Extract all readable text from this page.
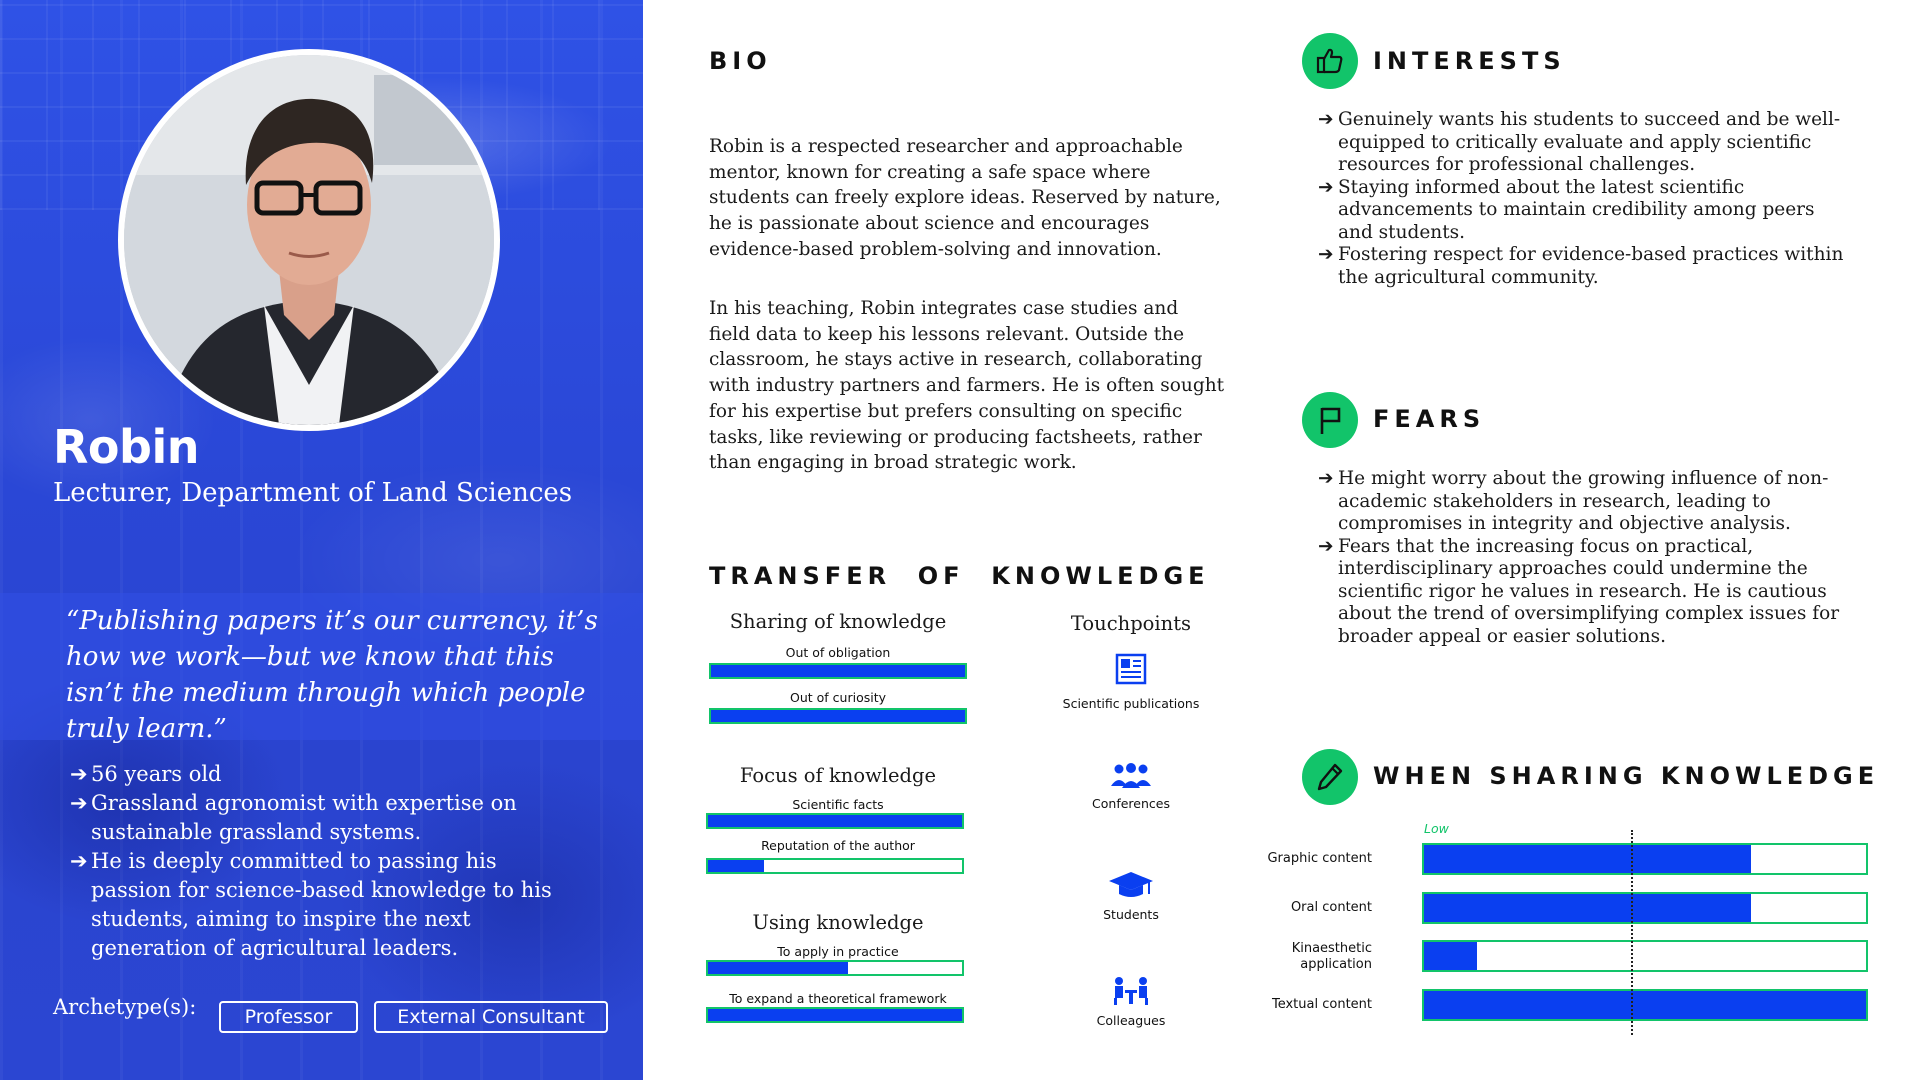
Robin
Lecturer, Department of Land Sciences
“Publishing papers it’s our currency, it’s how we work—but we know that this isn’t the medium through which people truly learn.”
➔ 56 years old
➔ Grassland agronomist with expertise on sustainable grassland systems.
➔ He is deeply committed to passing his passion for science-based knowledge to his students, aiming to inspire the next generation of agricultural leaders.
Archetype(s):	Professor	External Consultant
BIO

Robin is a respected researcher and approachable mentor, known for creating a safe space where students can freely explore ideas. Reserved by nature, he is passionate about science and encourages evidence-based problem-solving and innovation.

In his teaching, Robin integrates case studies and field data to keep his lessons relevant. Outside the classroom, he stays active in research, collaborating with industry partners and farmers. He is often sought for his expertise but prefers consulting on specific tasks, like reviewing or producing factsheets, rather than engaging in broad strategic work.

TRANSFER  OF  KNOWLEDGE
Sharing of knowledge
Out of obligation
Out of curiosity
Focus of knowledge
Scientific facts
Reputation of the author
Using knowledge
To apply in practice
To expand a theoretical framework
Touchpoints
Scientific publications
Conferences
Students
Colleagues
INTERESTS
➔ Genuinely wants his students to succeed and be well-equipped to critically evaluate and apply scientific resources for professional challenges.
➔ Staying informed about the latest scientific advancements to maintain credibility among peers and students.
➔ Fostering respect for evidence-based practices within the agricultural community.
FEARS
➔ He might worry about the growing influence of non-academic stakeholders in research, leading to compromises in integrity and objective analysis.
➔ Fears that the increasing focus on practical, interdisciplinary approaches could undermine the scientific rigor he values in research. He is cautious about the trend of oversimplifying complex issues for broader appeal or easier solutions.
WHEN SHARING KNOWLEDGE
Low
Graphic content
Oral content
Kinaesthetic application
Textual content
